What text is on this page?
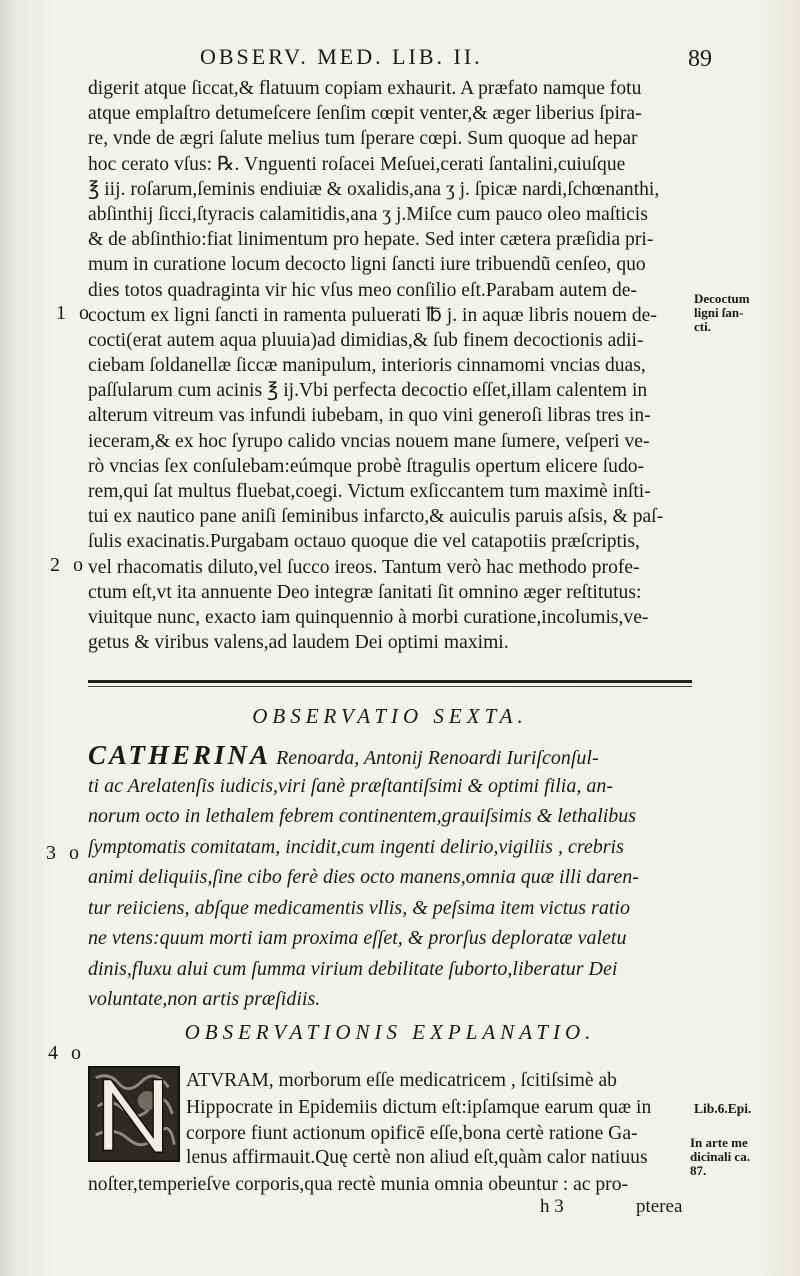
OBSERV. MED. LIB. II.	89
digerit atque ſiccat,& flatuum copiam exhaurit. A præfato namque fotu
atque emplaſtro detumeſcere ſenſim cœpit venter,& æger liberius ſpira-
re, vnde de ægri ſalute melius tum ſperare cœpi. Sum quoque ad hepar
hoc cerato vſus: ℞. Vnguenti roſacei Meſuei,cerati ſantalini,cuiuſque
℥ iij. roſarum,ſeminis endiuiæ & oxalidis,ana ʒ j. ſpicæ nardi,ſchœnanthi,
abſinthij ſicci,ſtyracis calamitidis,ana ʒ j.Miſce cum pauco oleo maſticis
& de abſinthio:fiat linimentum pro hepate. Sed inter cætera præſidia pri-
mum in curatione locum decocto ligni ſancti iure tribuendũ cenſeo, quo
dies totos quadraginta vir hic vſus meo conſilio eſt.Parabam autem de-
coctum ex ligni ſancti in ramenta puluerati ℔ j. in aquæ libris nouem de-
cocti(erat autem aqua pluuia)ad dimidias,& ſub finem decoctionis adii-
ciebam ſoldanellæ ſiccæ manipulum, interioris cinnamomi vncias duas,
paſſularum cum acinis ℥ ij.Vbi perfecta decoctio eſſet,illam calentem in
alterum vitreum vas infundi iubebam, in quo vini generoſi libras tres in-
ieceram,& ex hoc ſyrupo calido vncias nouem mane ſumere, veſperi ve-
rò vncias ſex conſulebam:eúmque probè ſtragulis opertum elicere ſudo-
rem,qui ſat multus fluebat,coegi. Victum exſiccantem tum maximè inſti-
tui ex nautico pane aniſi ſeminibus infarcto,& auiculis paruis aſsis, & paſ-
ſulis exacinatis.Purgabam octauo quoque die vel catapotiis præſcriptis,
vel rhacomatis diluto,vel ſucco ireos. Tantum verò hac methodo profe-
ctum eſt,vt ita annuente Deo integræ ſanitati ſit omnino æger reſtitutus:
viuitque nunc, exacto iam quinquennio à morbi curatione,incolumis,ve-
getus & viribus valens,ad laudem Dei optimi maximi.
Decoctum
ligni ſan-
cti.
1 o
2 o
3 o
4 o
OBSERVATIO SEXTA.
CATHERINA Renoarda, Antonij Renoardi Iuriſconſul-
ti ac Arelatenſis iudicis,viri ſanè præſtantiſsimi & optimi filia, an-
norum octo in lethalem febrem continentem,grauiſsimis & lethalibus
ſymptomatis comitatam, incidit,cum ingenti delirio,vigiliis , crebris
animi deliquiis,ſine cibo ferè dies octo manens,omnia quæ illi daren-
tur reiiciens, abſque medicamentis vllis, & peſsima item victus ratio
ne vtens:quum morti iam proxima eſſet, & prorſus deploratæ valetu
dinis,fluxu alui cum ſumma virium debilitate ſuborto,liberatur Dei
voluntate,non artis præſidiis.
OBSERVATIONIS EXPLANATIO.
ATVRAM, morborum eſſe medicatricem , ſcitiſsimè ab
Hippocrate in Epidemiis dictum eſt:ipſamque earum quæ in
corpore fiunt actionum opificē eſſe,bona certè ratione Ga-
lenus affirmauit.Quę certè non aliud eſt,quàm calor natiuus
noſter,temperieſve corporis,qua rectè munia omnia obeuntur : ac pro-
Lib.6.Epi.
In arte me
dicinali ca.
87.
h 3	pterea
